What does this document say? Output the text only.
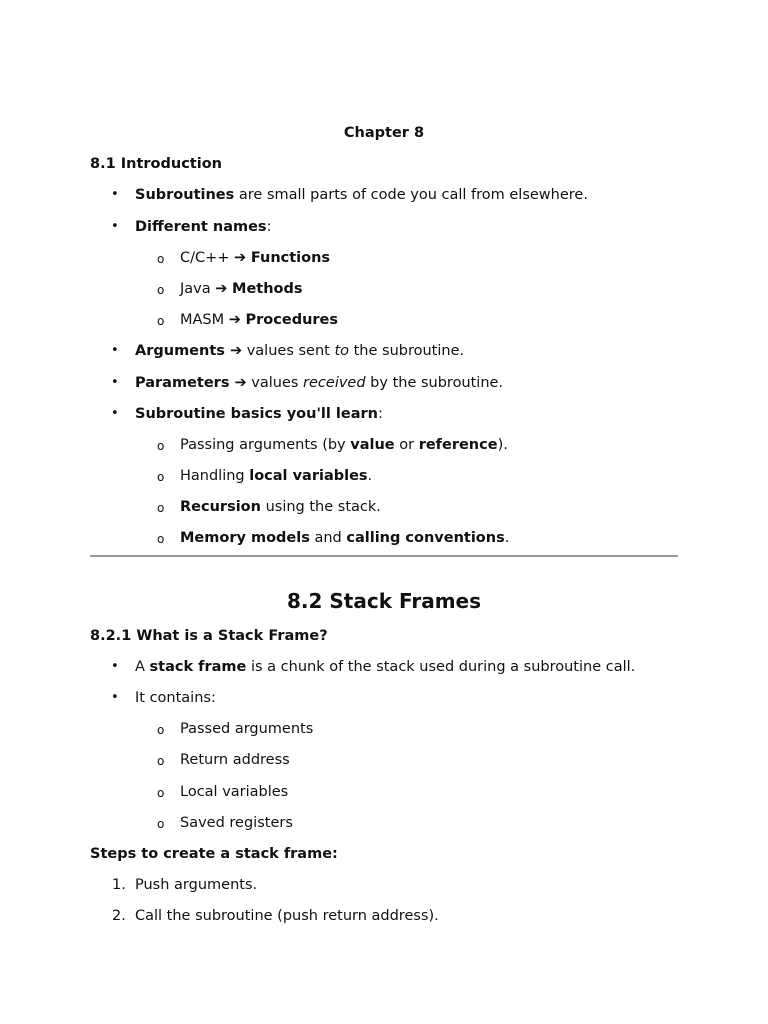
Chapter 8
8.1 Introduction
• Subroutines are small parts of code you call from elsewhere.
• Different names:
o C/C++ ➔ Functions
o Java ➔ Methods
o MASM ➔ Procedures
• Arguments ➔ values sent to the subroutine.
• Parameters ➔ values received by the subroutine.
• Subroutine basics you'll learn:
o Passing arguments (by value or reference).
o Handling local variables.
o Recursion using the stack.
o Memory models and calling conventions.
8.2 Stack Frames
8.2.1 What is a Stack Frame?
• A stack frame is a chunk of the stack used during a subroutine call.
• It contains:
o Passed arguments
o Return address
o Local variables
o Saved registers
Steps to create a stack frame:
1. Push arguments.
2. Call the subroutine (push return address).
